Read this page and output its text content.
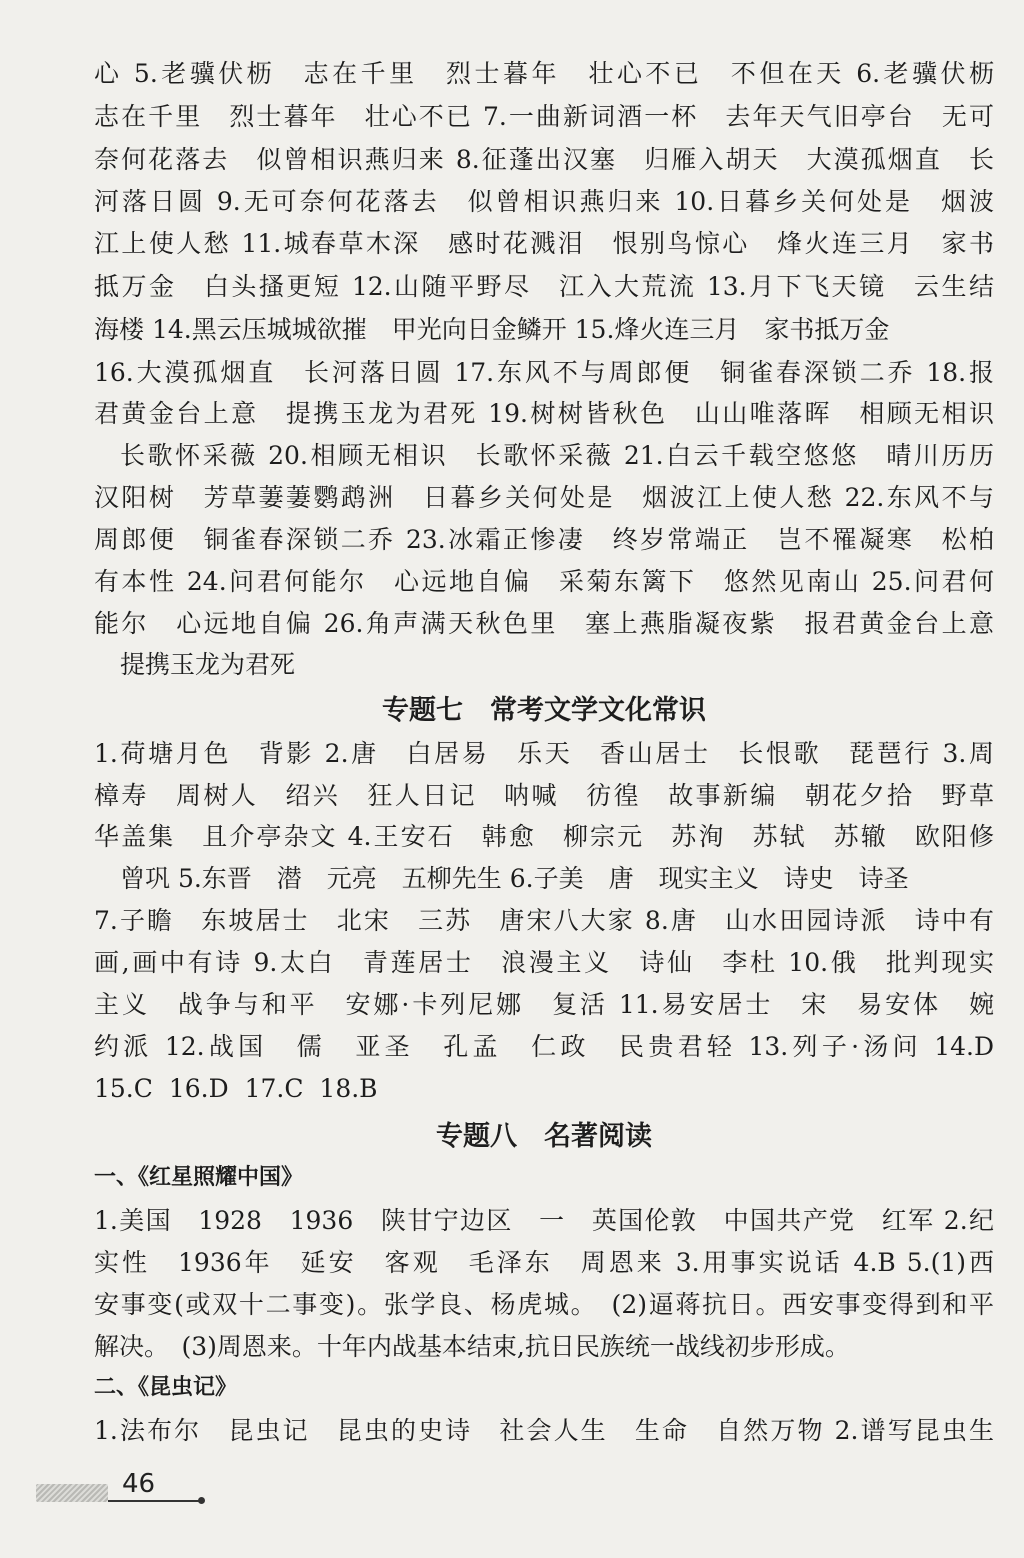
心 5.老骥伏枥　志在千里　烈士暮年　壮心不已　不但在天 6.老骥伏枥
志在千里　烈士暮年　壮心不已 7.一曲新词酒一杯　去年天气旧亭台　无可
奈何花落去　似曾相识燕归来 8.征蓬出汉塞　归雁入胡天　大漠孤烟直　长
河落日圆 9.无可奈何花落去　似曾相识燕归来 10.日暮乡关何处是　烟波
江上使人愁 11.城春草木深　感时花溅泪　恨别鸟惊心　烽火连三月　家书
抵万金　白头搔更短 12.山随平野尽　江入大荒流 13.月下飞天镜　云生结
海楼 14.黑云压城城欲摧　甲光向日金鳞开 15.烽火连三月　家书抵万金
16.大漠孤烟直　长河落日圆 17.东风不与周郎便　铜雀春深锁二乔 18.报
君黄金台上意　提携玉龙为君死 19.树树皆秋色　山山唯落晖　相顾无相识
长歌怀采薇 20.相顾无相识　长歌怀采薇 21.白云千载空悠悠　晴川历历
汉阳树　芳草萋萋鹦鹉洲　日暮乡关何处是　烟波江上使人愁 22.东风不与
周郎便　铜雀春深锁二乔 23.冰霜正惨凄　终岁常端正　岂不罹凝寒　松柏
有本性 24.问君何能尔　心远地自偏　采菊东篱下　悠然见南山 25.问君何
能尔　心远地自偏 26.角声满天秋色里　塞上燕脂凝夜紫　报君黄金台上意
提携玉龙为君死
专题七　常考文学文化常识
1.荷塘月色　背影 2.唐　白居易　乐天　香山居士　长恨歌　琵琶行 3.周
樟寿　周树人　绍兴　狂人日记　呐喊　彷徨　故事新编　朝花夕拾　野草
华盖集　且介亭杂文 4.王安石　韩愈　柳宗元　苏洵　苏轼　苏辙　欧阳修
曾巩 5.东晋　潜　元亮　五柳先生 6.子美　唐　现实主义　诗史　诗圣
7.子瞻　东坡居士　北宋　三苏　唐宋八大家 8.唐　山水田园诗派　诗中有
画,画中有诗 9.太白　青莲居士　浪漫主义　诗仙　李杜 10.俄　批判现实
主义　战争与和平　安娜·卡列尼娜　复活 11.易安居士　宋　易安体　婉
约派 12.战国　儒　亚圣　孔孟　仁政　民贵君轻 13.列子·汤问 14.D
15.C 16.D 17.C 18.B
专题八　名著阅读
一、《红星照耀中国》
1.美国　1928　1936　陕甘宁边区　一　英国伦敦　中国共产党　红军 2.纪
实性　1936年　延安　客观　毛泽东　周恩来 3.用事实说话 4.B 5.(1)西
安事变(或双十二事变)。张学良、杨虎城。　(2)逼蒋抗日。西安事变得到和平
解决。　(3)周恩来。十年内战基本结束,抗日民族统一战线初步形成。
二、《昆虫记》
1.法布尔　昆虫记　昆虫的史诗　社会人生　生命　自然万物 2.谱写昆虫生
46
